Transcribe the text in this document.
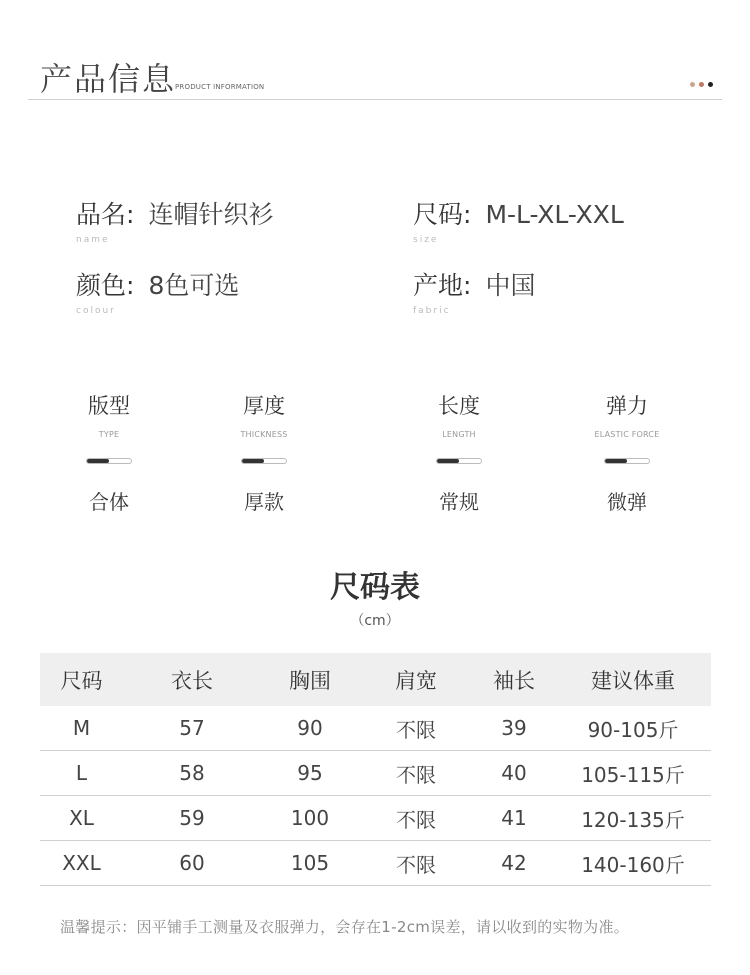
产品信息
PRODUCT INFORMATION
品名: 连帽针织衫
name
尺码: M-L-XL-XXL
size
颜色: 8色可选
colour
产地: 中国
fabric
版型
TYPE
合体
厚度
THICKNESS
厚款
长度
LENGTH
常规
弹力
ELASTIC FORCE
微弹
尺码表
（cm）
尺码	衣长	胸围	肩宽	袖长	建议体重
M	57	90	不限	39	90-105斤
L	58	95	不限	40	105-115斤
XL	59	100	不限	41	120-135斤
XXL	60	105	不限	42	140-160斤
温馨提示：因平铺手工测量及衣服弹力，会存在1-2cm误差，请以收到的实物为准。
